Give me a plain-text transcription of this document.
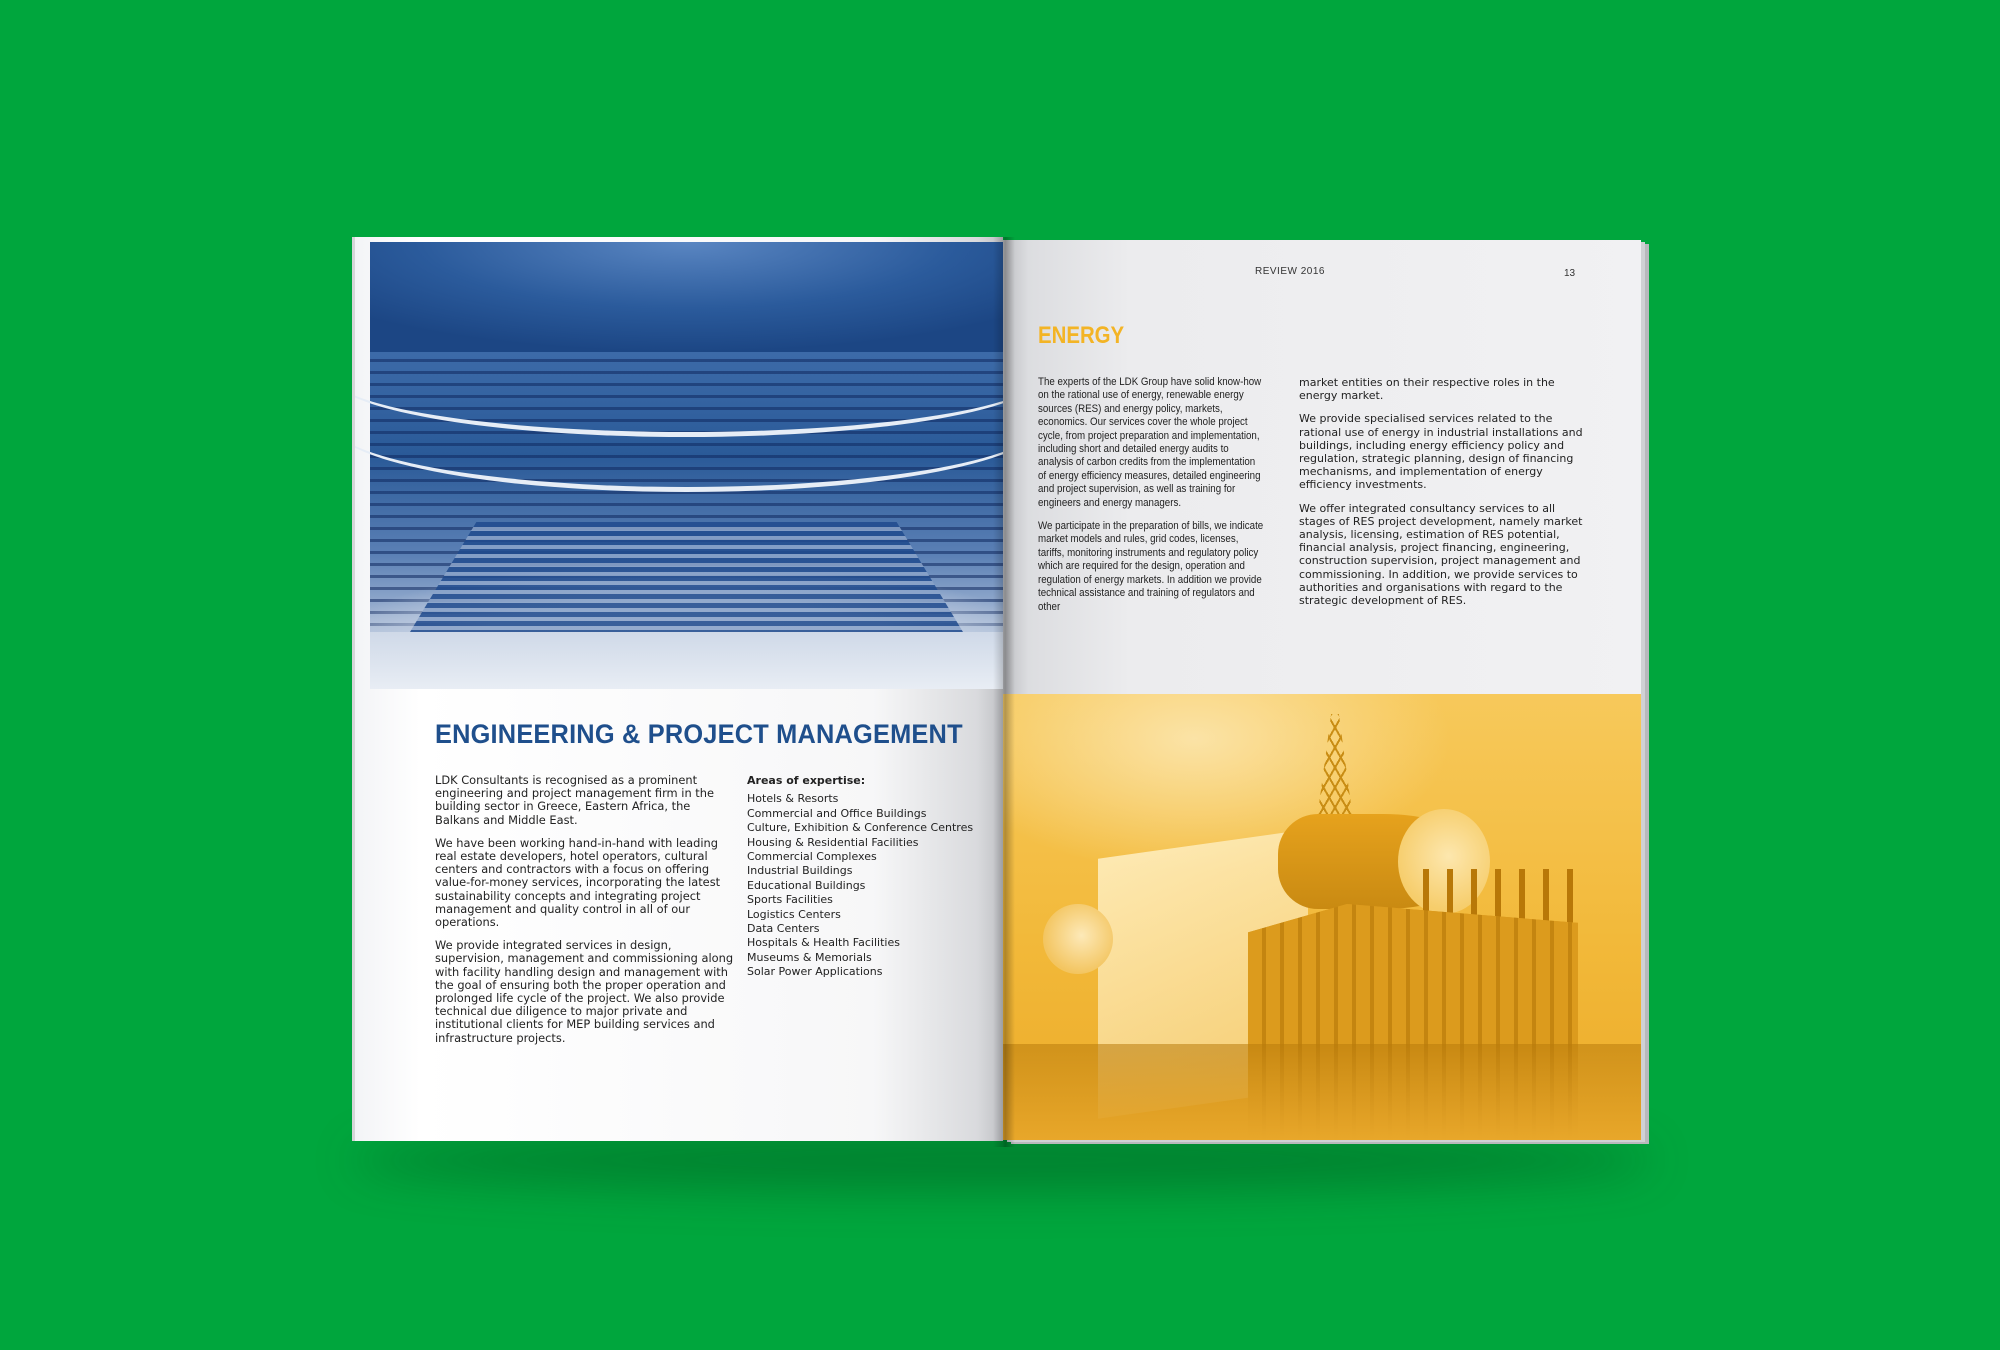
ENGINEERING & PROJECT MANAGEMENT

LDK Consultants is recognised as a prominent engineering and project management firm in the building sector in Greece, Eastern Africa, the Balkans and Middle East.

We have been working hand-in-hand with leading real estate developers, hotel operators, cultural centers and contractors with a focus on offering value-for-money services, incorporating the latest sustainability concepts and integrating project management and quality control in all of our operations.

We provide integrated services in design, supervision, management and commissioning along with facility handling design and management with the goal of ensuring both the proper operation and prolonged life cycle of the project. We also provide technical due diligence to major private and institutional clients for MEP building services and infrastructure projects.

Areas of expertise:
Hotels & Resorts
Commercial and Office Buildings
Culture, Exhibition & Conference Centres
Housing & Residential Facilities
Commercial Complexes
Industrial Buildings
Educational Buildings
Sports Facilities
Logistics Centers
Data Centers
Hospitals & Health Facilities
Museums & Memorials
Solar Power Applications
REVIEW 2016	13
ENERGY

The experts of the LDK Group have solid know-how on the rational use of energy, renewable energy sources (RES) and energy policy, markets, economics. Our services cover the whole project cycle, from project preparation and implementation, including short and detailed energy audits to analysis of carbon credits from the implementation of energy efficiency measures, detailed engineering and project supervision, as well as training for engineers and energy managers.

We participate in the preparation of bills, we indicate market models and rules, grid codes, licenses, tariffs, monitoring instruments and regulatory policy which are required for the design, operation and regulation of energy markets. In addition we provide technical assistance and training of regulators and other

market entities on their respective roles in the energy market.

We provide specialised services related to the rational use of energy in industrial installations and buildings, including energy efficiency policy and regulation, strategic planning, design of financing mechanisms, and implementation of energy efficiency investments.

We offer integrated consultancy services to all stages of RES project development, namely market analysis, licensing, estimation of RES potential, financial analysis, project financing, engineering, construction supervision, project management and commissioning. In addition, we provide services to authorities and organisations with regard to the strategic development of RES.
